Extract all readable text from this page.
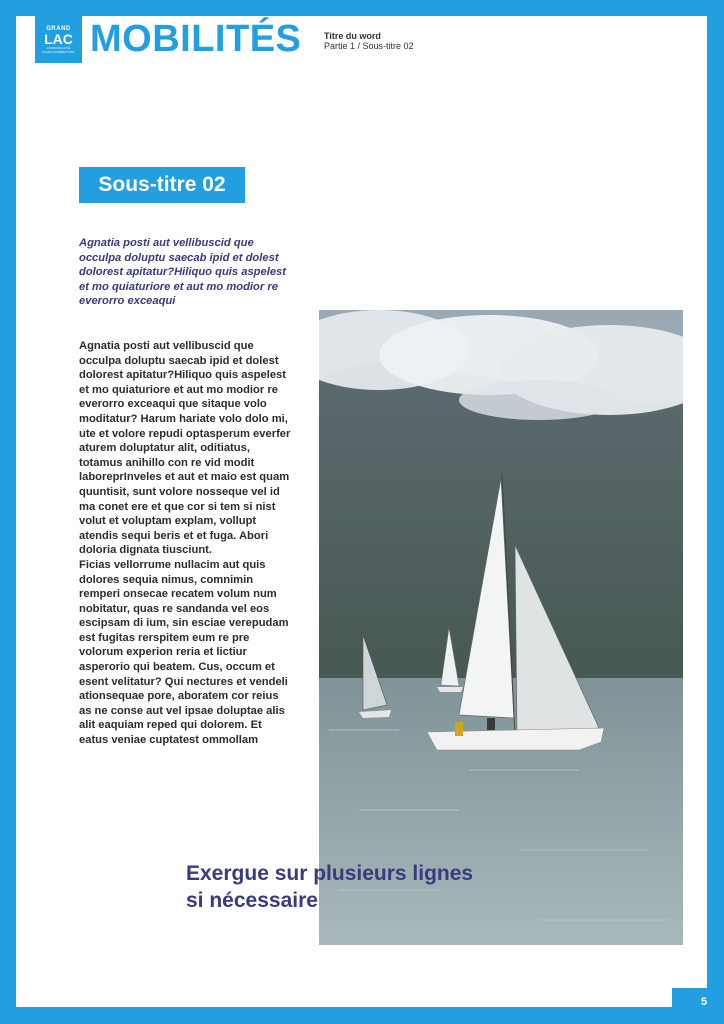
GRAND
LAC
COMMUNAUTÉ D'AGGLOMÉRATION MOBILITÉS	Titre du word
Partie 1 / Sous-titre 02
Sous-titre 02
Agnatia posti aut vellibuscid que occulpa doluptu saecab ipid et dolest dolorest apitatur?Hiliquo quis aspelest et mo quiaturiore et aut mo modior re everorro exceaqui

Agnatia posti aut vellibuscid que occulpa doluptu saecab ipid et dolest dolorest apitatur?Hiliquo quis aspelest et mo quiaturiore et aut mo modior re everorro exceaqui que sitaque volo moditatur? Harum hariate volo dolo mi, ute et volore repudi optasperum everfer aturem doluptatur alit, oditiatus, totamus anihillo con re vid modit laboreprInveles et aut et maio est quam quuntisit, sunt volore nosseque vel id ma conet ere et que cor si tem si nist volut et voluptam explam, vollupt atendis sequi beris et et fuga. Abori doloria dignata tiusciunt.

Ficias vellorrume nullacim aut quis dolores sequia nimus, comnimin remperi onsecae recatem volum num nobitatur, quas re sandanda vel eos escipsam di ium, sin esciae verepudam est fugitas rerspitem eum re pre volorum experion reria et lictiur asperorio qui beatem. Cus, occum et esent velitatur? Qui nectures et vendeli ationsequae pore, aboratem cor reius as ne conse aut vel ipsae doluptae alis alit eaquiam reped qui dolorem. Et eatus veniae cuptatest ommollam

Exergue sur plusieurs lignes si nécessaire
5
